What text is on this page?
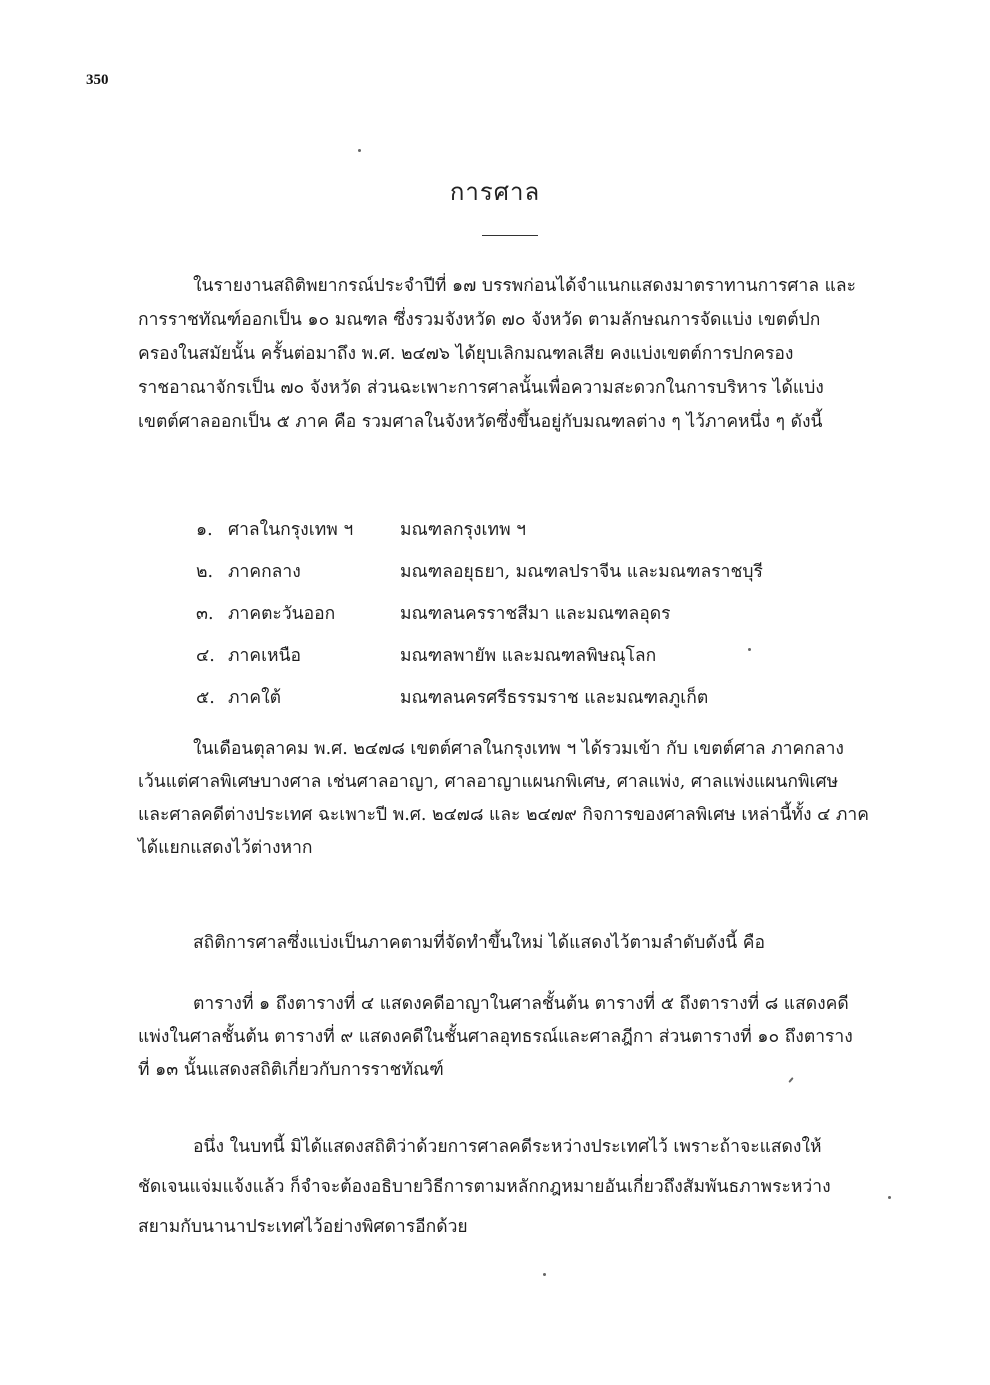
350
การศาล
ในรายงานสถิติพยากรณ์ประจำปีที่ ๑๗ บรรพก่อนได้จำแนกแสดงมาตราทานการศาล และ
การราชทัณฑ์ออกเป็น ๑๐ มณฑล ซึ่งรวมจังหวัด ๗๐ จังหวัด ตามลักษณการจัดแบ่ง เขตต์ปก
ครองในสมัยนั้น ครั้นต่อมาถึง พ.ศ. ๒๔๗๖ ได้ยุบเลิกมณฑลเสีย คงแบ่งเขตต์การปกครอง
ราชอาณาจักรเป็น ๗๐ จังหวัด ส่วนฉะเพาะการศาลนั้นเพื่อความสะดวกในการบริหาร ได้แบ่ง
เขตต์ศาลออกเป็น ๕ ภาค คือ รวมศาลในจังหวัดซึ่งขึ้นอยู่กับมณฑลต่าง ๆ ไว้ภาคหนึ่ง ๆ ดังนี้
๑. ศาลในกรุงเทพ ฯ	มณฑลกรุงเทพ ฯ
๒. ภาคกลาง	มณฑลอยุธยา, มณฑลปราจีน และมณฑลราชบุรี
๓. ภาคตะวันออก	มณฑลนครราชสีมา และมณฑลอุดร
๔. ภาคเหนือ	มณฑลพายัพ และมณฑลพิษณุโลก
๕. ภาคใต้	มณฑลนครศรีธรรมราช และมณฑลภูเก็ต
ในเดือนตุลาคม พ.ศ. ๒๔๗๘ เขตต์ศาลในกรุงเทพ ฯ ได้รวมเข้า กับ เขตต์ศาล ภาคกลาง
เว้นแต่ศาลพิเศษบางศาล เช่นศาลอาญา, ศาลอาญาแผนกพิเศษ, ศาลแพ่ง, ศาลแพ่งแผนกพิเศษ
และศาลคดีต่างประเทศ ฉะเพาะปี พ.ศ. ๒๔๗๘ และ ๒๔๗๙ กิจการของศาลพิเศษ เหล่านี้ทั้ง ๔ ภาค
ได้แยกแสดงไว้ต่างหาก
สถิติการศาลซึ่งแบ่งเป็นภาคตามที่จัดทำขึ้นใหม่ ได้แสดงไว้ตามลำดับดังนี้ คือ
ตารางที่ ๑ ถึงตารางที่ ๔ แสดงคดีอาญาในศาลชั้นต้น ตารางที่ ๕ ถึงตารางที่ ๘ แสดงคดี
แพ่งในศาลชั้นต้น ตารางที่ ๙ แสดงคดีในชั้นศาลอุทธรณ์และศาลฎีกา ส่วนตารางที่ ๑๐ ถึงตาราง
ที่ ๑๓ นั้นแสดงสถิติเกี่ยวกับการราชทัณฑ์
อนึ่ง ในบทนี้ มิได้แสดงสถิติว่าด้วยการศาลคดีระหว่างประเทศไว้ เพราะถ้าจะแสดงให้
ชัดเจนแจ่มแจ้งแล้ว ก็จำจะต้องอธิบายวิธีการตามหลักกฎหมายอันเกี่ยวถึงสัมพันธภาพระหว่าง
สยามกับนานาประเทศไว้อย่างพิศดารอีกด้วย
